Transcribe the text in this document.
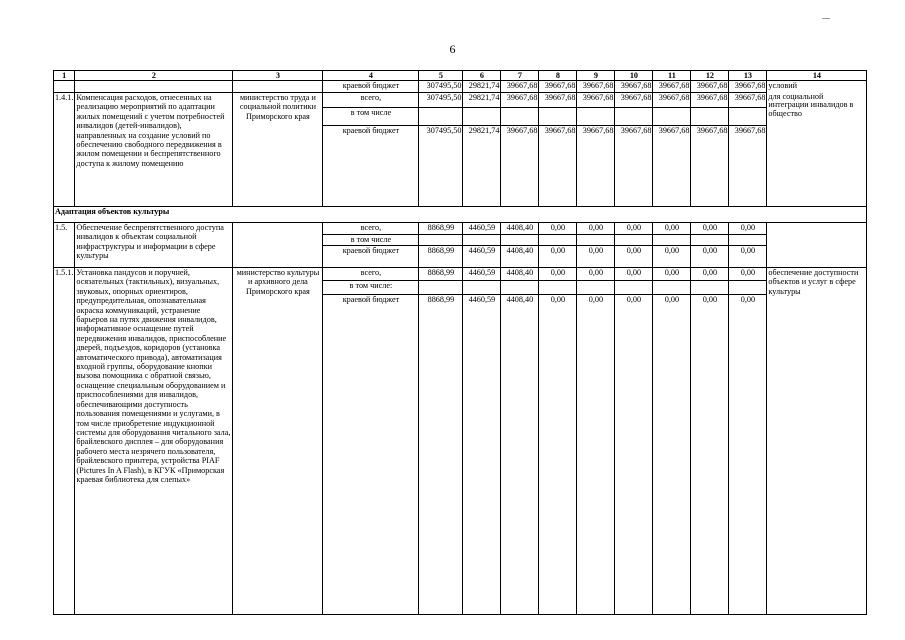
6
1	2	3	4	5	6	7	8	9	10	11	12	13	14
			краевой бюджет	307495,50	29821,74	39667,68	39667,68	39667,68	39667,68	39667,68	39667,68	39667,68	условий
1.4.1.	Компенсация расходов, отнесенных на реализацию мероприятий по адаптации жилых помещений с учетом потребностей инвалидов (детей-инвалидов), направленных на создание условий по обеспечению свободного передвижения в жилом помещении и беспрепятственного доступа к жилому помещению	министерство труда и социальной политики Приморского края	всего,	307495,50	29821,74	39667,68	39667,68	39667,68	39667,68	39667,68	39667,68	39667,68	для социальной интеграции инвалидов в общество
			в том числе										
			краевой бюджет	307495,50	29821,74	39667,68	39667,68	39667,68	39667,68	39667,68	39667,68	39667,68	
Адаптация объектов культуры													
1.5.	Обеспечение беспрепятственного доступа инвалидов к объектам социальной инфраструктуры и информации в сфере культуры		всего,	8868,99	4460,59	4408,40	0,00	0,00	0,00	0,00	0,00	0,00	
			в том числе										
			краевой бюджет	8868,99	4460,59	4408,40	0,00	0,00	0,00	0,00	0,00	0,00	
1.5.1.	Установка пандусов и поручней, осязательных (тактильных), визуальных, звуковых, опорных ориентиров, предупредительная, опознавательная окраска коммуникаций, устранение барьеров на путях движения инвалидов, информативное оснащение путей передвижения инвалидов, приспособление дверей, подъездов, коридоров (установка автоматического привода), автоматизация входной группы, оборудование кнопки вызова помощника с обратной связью, оснащение специальным оборудованием и приспособлениями для инвалидов, обеспечивающими доступность пользования помещениями и услугами, в том числе приобретение индукционной системы для оборудования читального зала, брайлевского дисплея – для оборудования рабочего места незрячего пользователя, брайлевского принтера, устройства PIAF (Pictures In A Flash), в КГУК «Приморская краевая библиотека для слепых»	министерство культуры и архивного дела Приморского края	всего,	8868,99	4460,59	4408,40	0,00	0,00	0,00	0,00	0,00	0,00	обеспечение доступности объектов и услуг в сфере культуры
			в том числе:										
			краевой бюджет	8868,99	4460,59	4408,40	0,00	0,00	0,00	0,00	0,00	0,00	
